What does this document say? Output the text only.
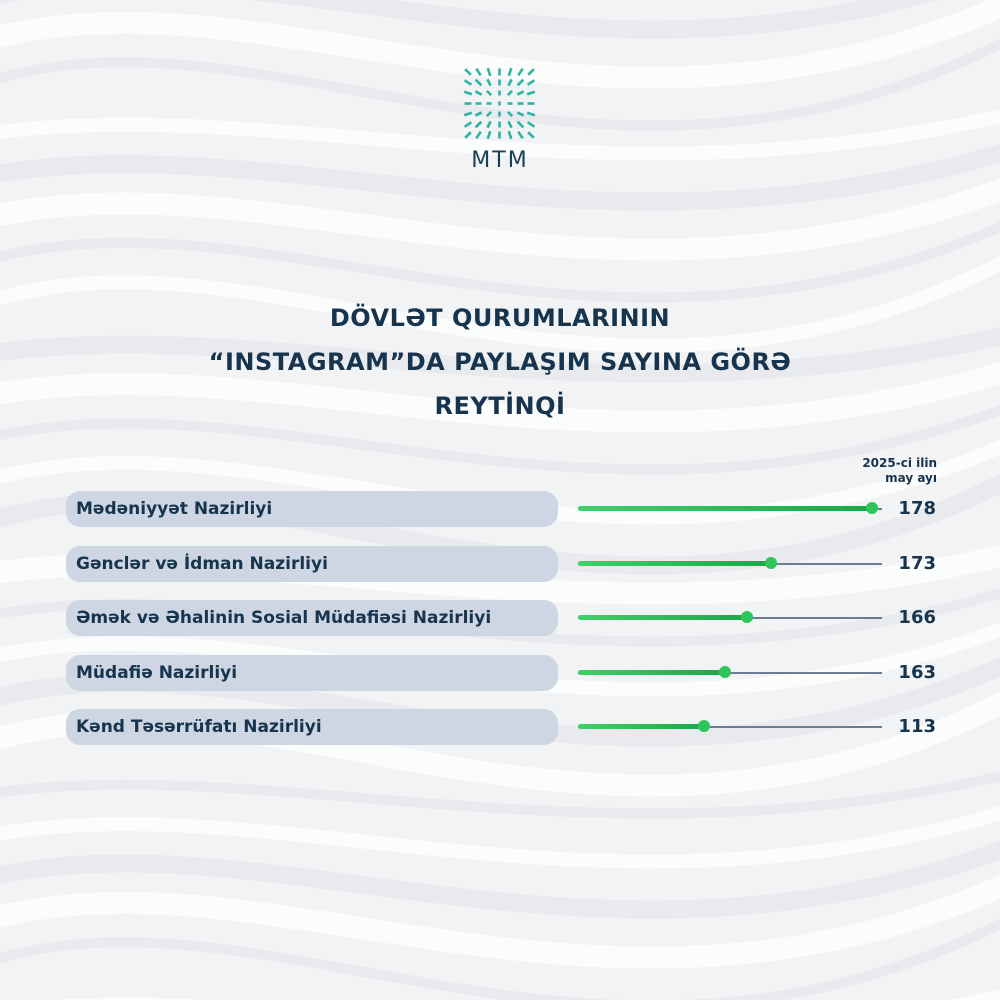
MTM
DÖVLƏT QURUMLARININ
“INSTAGRAM”DA PAYLAŞIM SAYINA GÖRƏ
REYTİNQİ
2025-ci ilin
may ayı
Mədəniyyət Nazirliyi	178
Gənclər və İdman Nazirliyi	173
Əmək və Əhalinin Sosial Müdafiəsi Nazirliyi	166
Müdafiə Nazirliyi	163
Kənd Təsərrüfatı Nazirliyi	113
